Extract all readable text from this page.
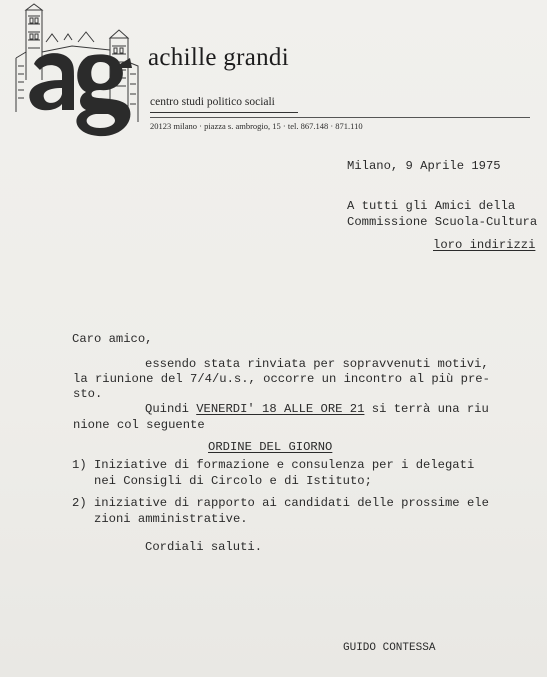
achille grandi
centro studi politico sociali
20123 milano · piazza s. ambrogio, 15 · tel. 867.148 · 871.110
Milano, 9 Aprile 1975
A tutti gli Amici della
Commissione Scuola-Cultura
loro indirizzi
Caro amico,
essendo stata rinviata per sopravvenuti motivi,
la riunione del 7/4/u.s., occorre un incontro al più pre-
sto.
Quindi VENERDI' 18 ALLE ORE 21 si terrà una riu
nione col seguente
ORDINE DEL GIORNO
1) Iniziative di formazione e consulenza per i delegati
nei Consigli di Circolo e di Istituto;
2) iniziative di rapporto ai candidati delle prossime ele
zioni amministrative.
Cordiali saluti.
GUIDO CONTESSA
